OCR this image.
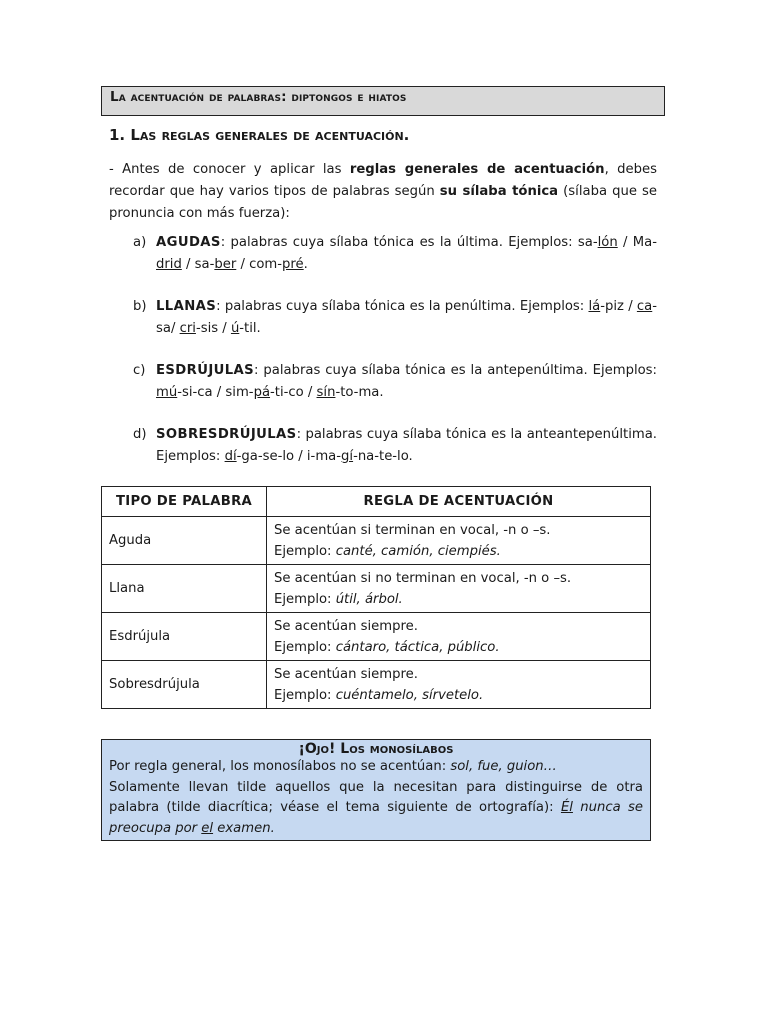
La acentuación de palabras: diptongos e hiatos
1. Las reglas generales de acentuación.
- Antes de conocer y aplicar las reglas generales de acentuación, debes recordar que hay varios tipos de palabras según su sílaba tónica (sílaba que se pronuncia con más fuerza):
a) AGUDAS: palabras cuya sílaba tónica es la última. Ejemplos: sa-lón / Ma-drid / sa-ber / com-pré.
b) LLANAS: palabras cuya sílaba tónica es la penúltima. Ejemplos: lá-piz / ca-sa/ cri-sis / ú-til.
c) ESDRÚJULAS: palabras cuya sílaba tónica es la antepenúltima. Ejemplos: mú-si-ca / sim-pá-ti-co / sín-to-ma.
d) SOBRESDRÚJULAS: palabras cuya sílaba tónica es la anteantepenúltima. Ejemplos: dí-ga-se-lo / i-ma-gí-na-te-lo.
TIPO DE PALABRA	REGLA DE ACENTUACIÓN
Aguda	Se acentúan si terminan en vocal, -n o –s.
Ejemplo: canté, camión, ciempiés.
Llana	Se acentúan si no terminan en vocal, -n o –s.
Ejemplo: útil, árbol.
Esdrújula	Se acentúan siempre.
Ejemplo: cántaro, táctica, público.
Sobresdrújula	Se acentúan siempre.
Ejemplo: cuéntamelo, sírvetelo.
¡Ojo! Los monosílabos
Por regla general, los monosílabos no se acentúan: sol, fue, guion…
Solamente llevan tilde aquellos que la necesitan para distinguirse de otra palabra (tilde diacrítica; véase el tema siguiente de ortografía): Él nunca se preocupa por el examen.
